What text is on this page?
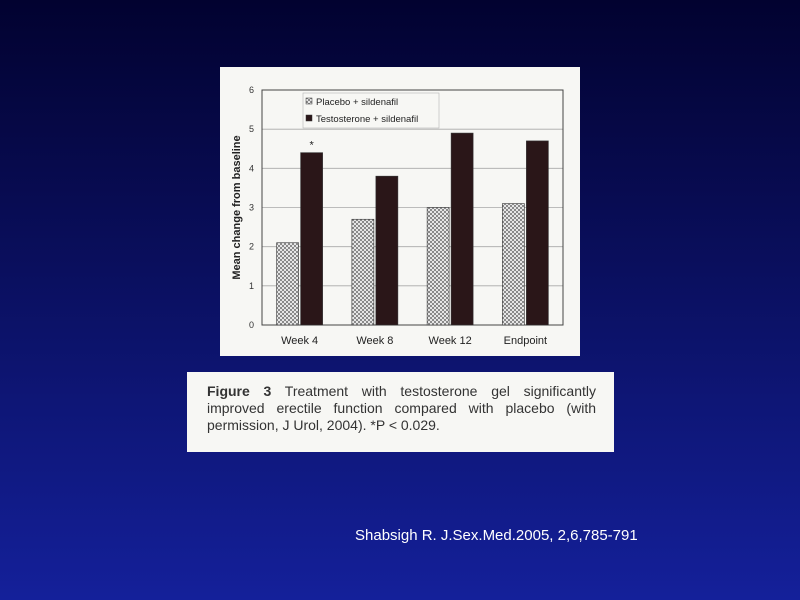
0
1
2
3
4
5
6
Week 4	Week 8	Week 12	Endpoint
*
Mean change from baseline
Placebo + sildenafil
Testosterone + sildenafil
Figure 3 Treatment with testosterone gel significantly improved erectile function compared with placebo (with permission, J Urol, 2004). *P < 0.029.
Shabsigh R. J.Sex.Med.2005, 2,6,785-791
